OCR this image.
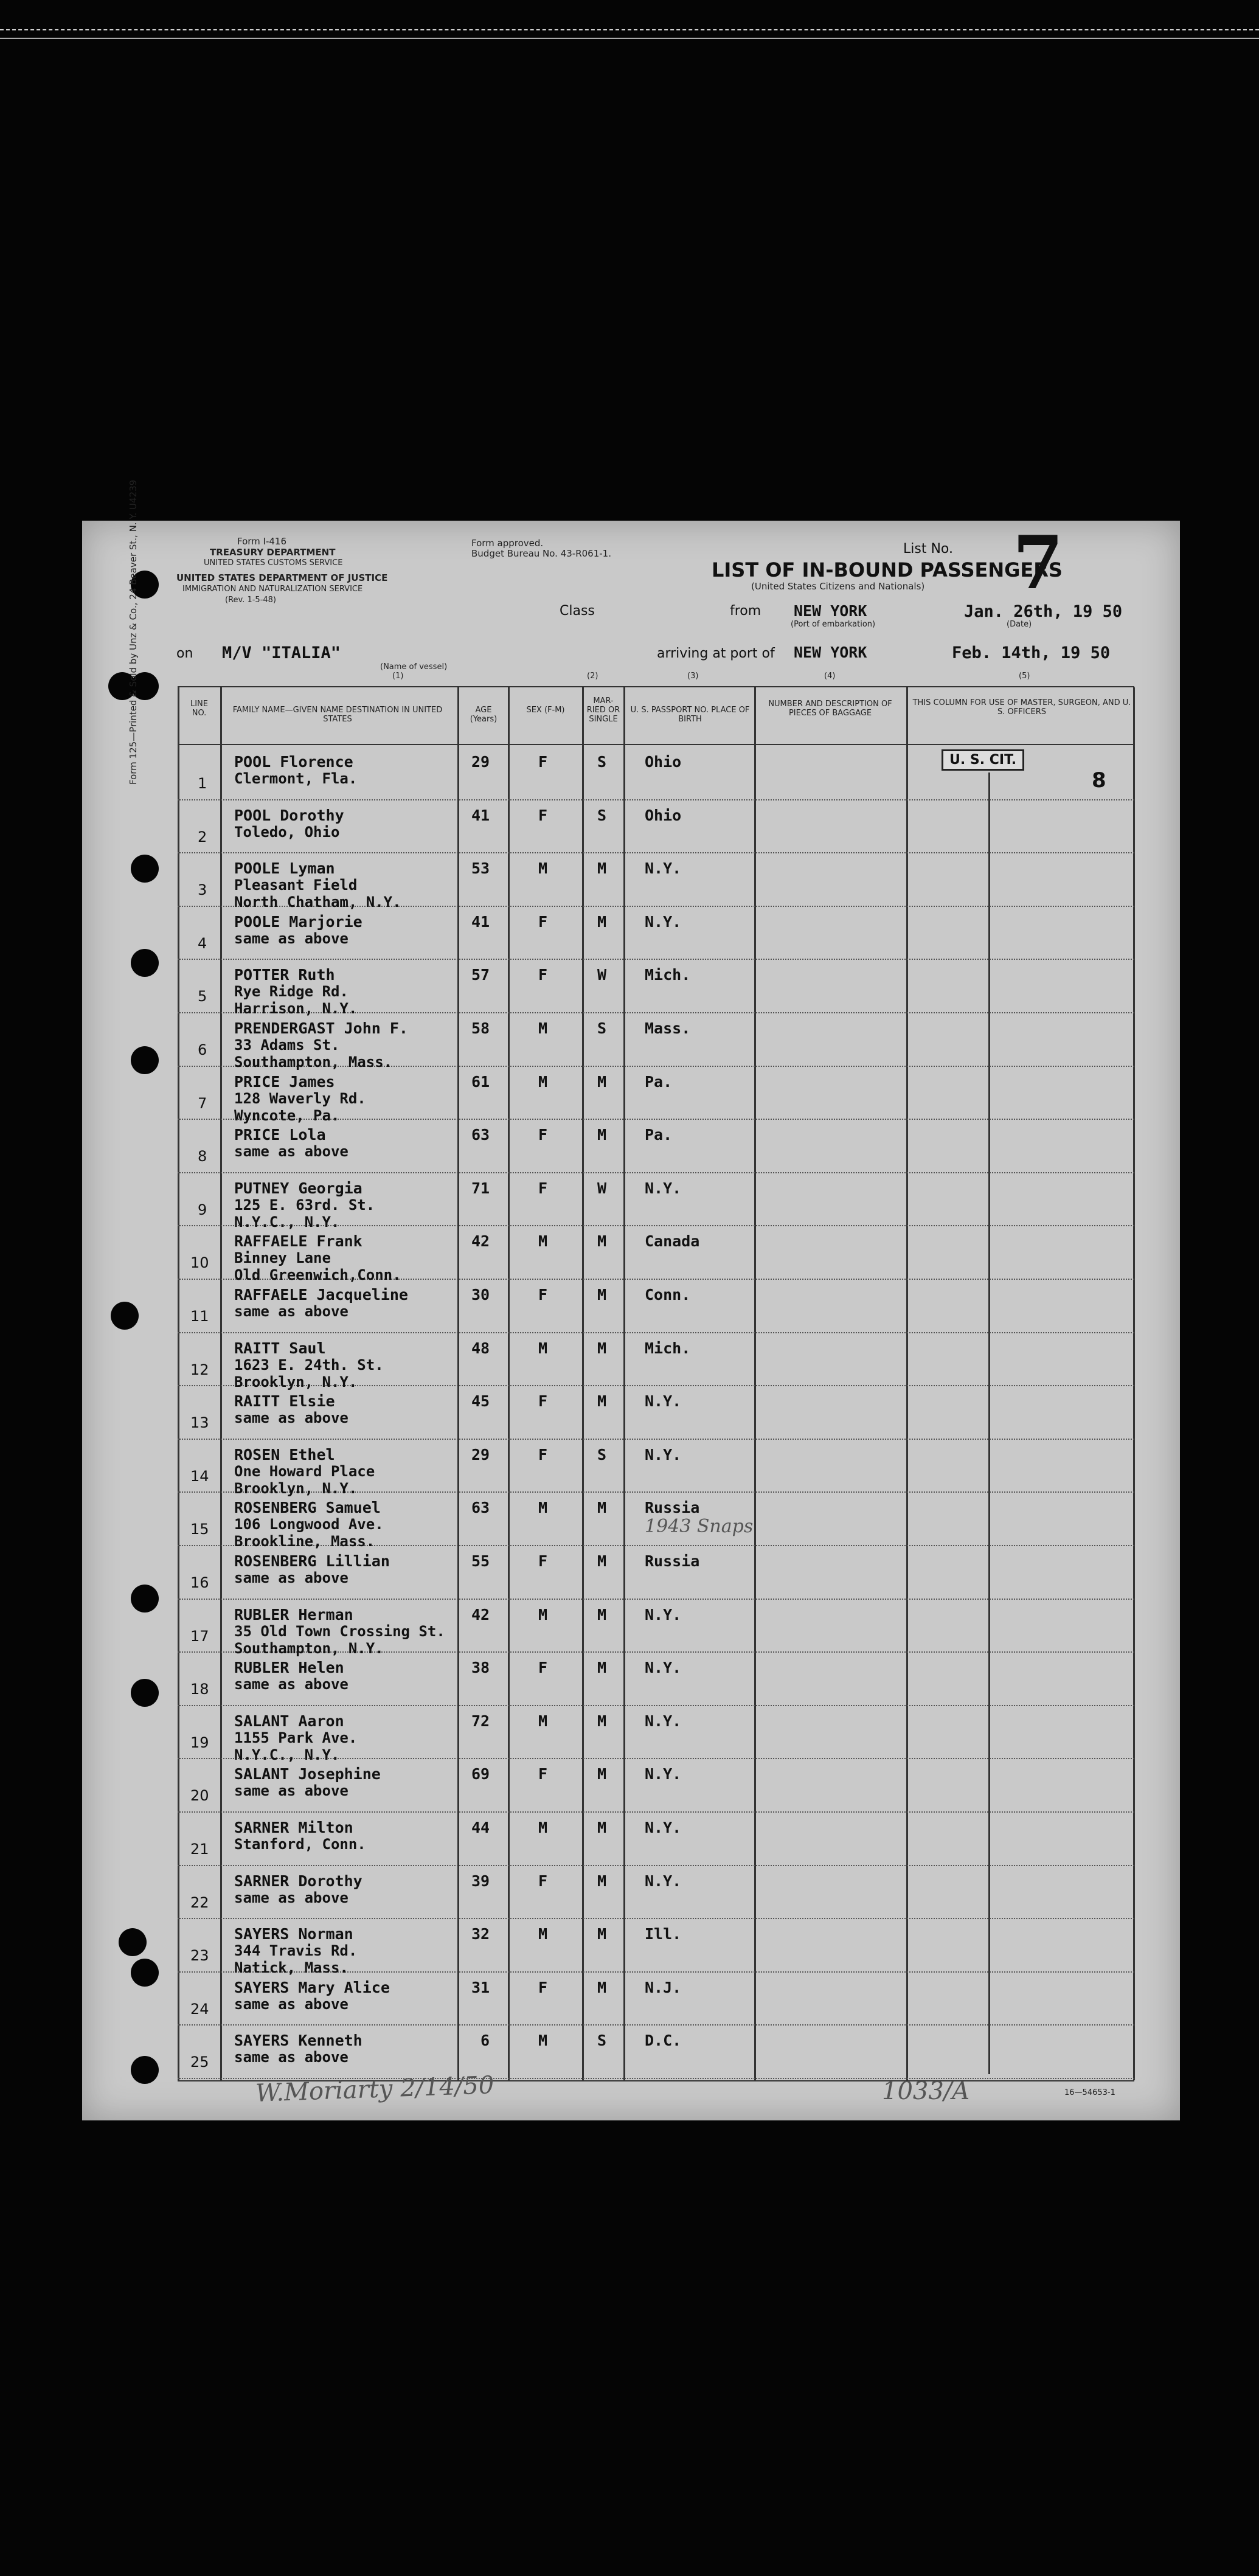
Form I-416
TREASURY DEPARTMENT
UNITED STATES CUSTOMS SERVICE
UNITED STATES DEPARTMENT OF JUSTICE
IMMIGRATION AND NATURALIZATION SERVICE
(Rev. 1-5-48)
Form approved.
Budget Bureau No. 43-R061-1.
LIST OF IN-BOUND PASSENGERS
(United States Citizens and Nationals)
List No. 7
Class	from NEW YORK
(Port of embarkation)
Jan. 26th, 19 50
(Date)
on M/V "ITALIA"
(Name of vessel)
arriving at port of NEW YORK	Feb. 14th, 19 50
(1)	(2)	(3)	(4)	(5)
Form 125—Printed & Sold by Unz & Co., 24 Beaver St., N. Y. U4239	LINE NO.	FAMILY NAME—GIVEN NAME DESTINATION IN UNITED STATES
AGE (Years)
SEX (F-M)
MAR-RIED OR SINGLE
U. S. PASSPORT NO. PLACE OF BIRTH
NUMBER AND DESCRIPTION OF PIECES OF BAGGAGE
THIS COLUMN FOR USE OF MASTER, SURGEON, AND U. S. OFFICERS
U. S. CIT.
8
1
POOL Florence
Clermont, Fla.
29	F	S	Ohio
2
POOL Dorothy
Toledo, Ohio
41	F	S	Ohio
3
POOLE Lyman
Pleasant Field
North Chatham, N.Y.
53	M	M	N.Y.
4
POOLE Marjorie
same as above
41	F	M	N.Y.
5
POTTER Ruth
Rye Ridge Rd.
Harrison, N.Y.
57	F	W	Mich.
6
PRENDERGAST John F.
33 Adams St.
Southampton, Mass.
58	M	S	Mass.
7
PRICE James
128 Waverly Rd.
Wyncote, Pa.
61	M	M	Pa.
8
PRICE Lola
same as above
63	F	M	Pa.
9
PUTNEY Georgia
125 E. 63rd. St.
N.Y.C., N.Y.
71	F	W	N.Y.
10
RAFFAELE Frank
Binney Lane
Old Greenwich,Conn.
42	M	M	Canada
11
RAFFAELE Jacqueline
same as above
30	F	M	Conn.
12
RAITT Saul
1623 E. 24th. St.
Brooklyn, N.Y.
48	M	M	Mich.
13
RAITT Elsie
same as above
45	F	M	N.Y.
14
ROSEN Ethel
One Howard Place
Brooklyn, N.Y.
29	F	S	N.Y.
15
ROSENBERG Samuel
106 Longwood Ave.
Brookline, Mass.
63	M	M	Russia
16
ROSENBERG Lillian
same as above
55	F	M	Russia
17
RUBLER Herman
35 Old Town Crossing St.
Southampton, N.Y.
42	M	M	N.Y.
18
RUBLER Helen
same as above
38	F	M	N.Y.
19
SALANT Aaron
1155 Park Ave.
N.Y.C., N.Y.
72	M	M	N.Y.
20
SALANT Josephine
same as above
69	F	M	N.Y.
21
SARNER Milton
Stanford, Conn.
44	M	M	N.Y.
22
SARNER Dorothy
same as above
39	F	M	N.Y.
23
SAYERS Norman
344 Travis Rd.
Natick, Mass.
32	M	M	Ill.
24
SAYERS Mary Alice
same as above
31	F	M	N.J.
25
SAYERS Kenneth
same as above
6	M	S	D.C.
1943 Snaps
W.Moriarty 2/14/50	1033/A	16—54653-1
